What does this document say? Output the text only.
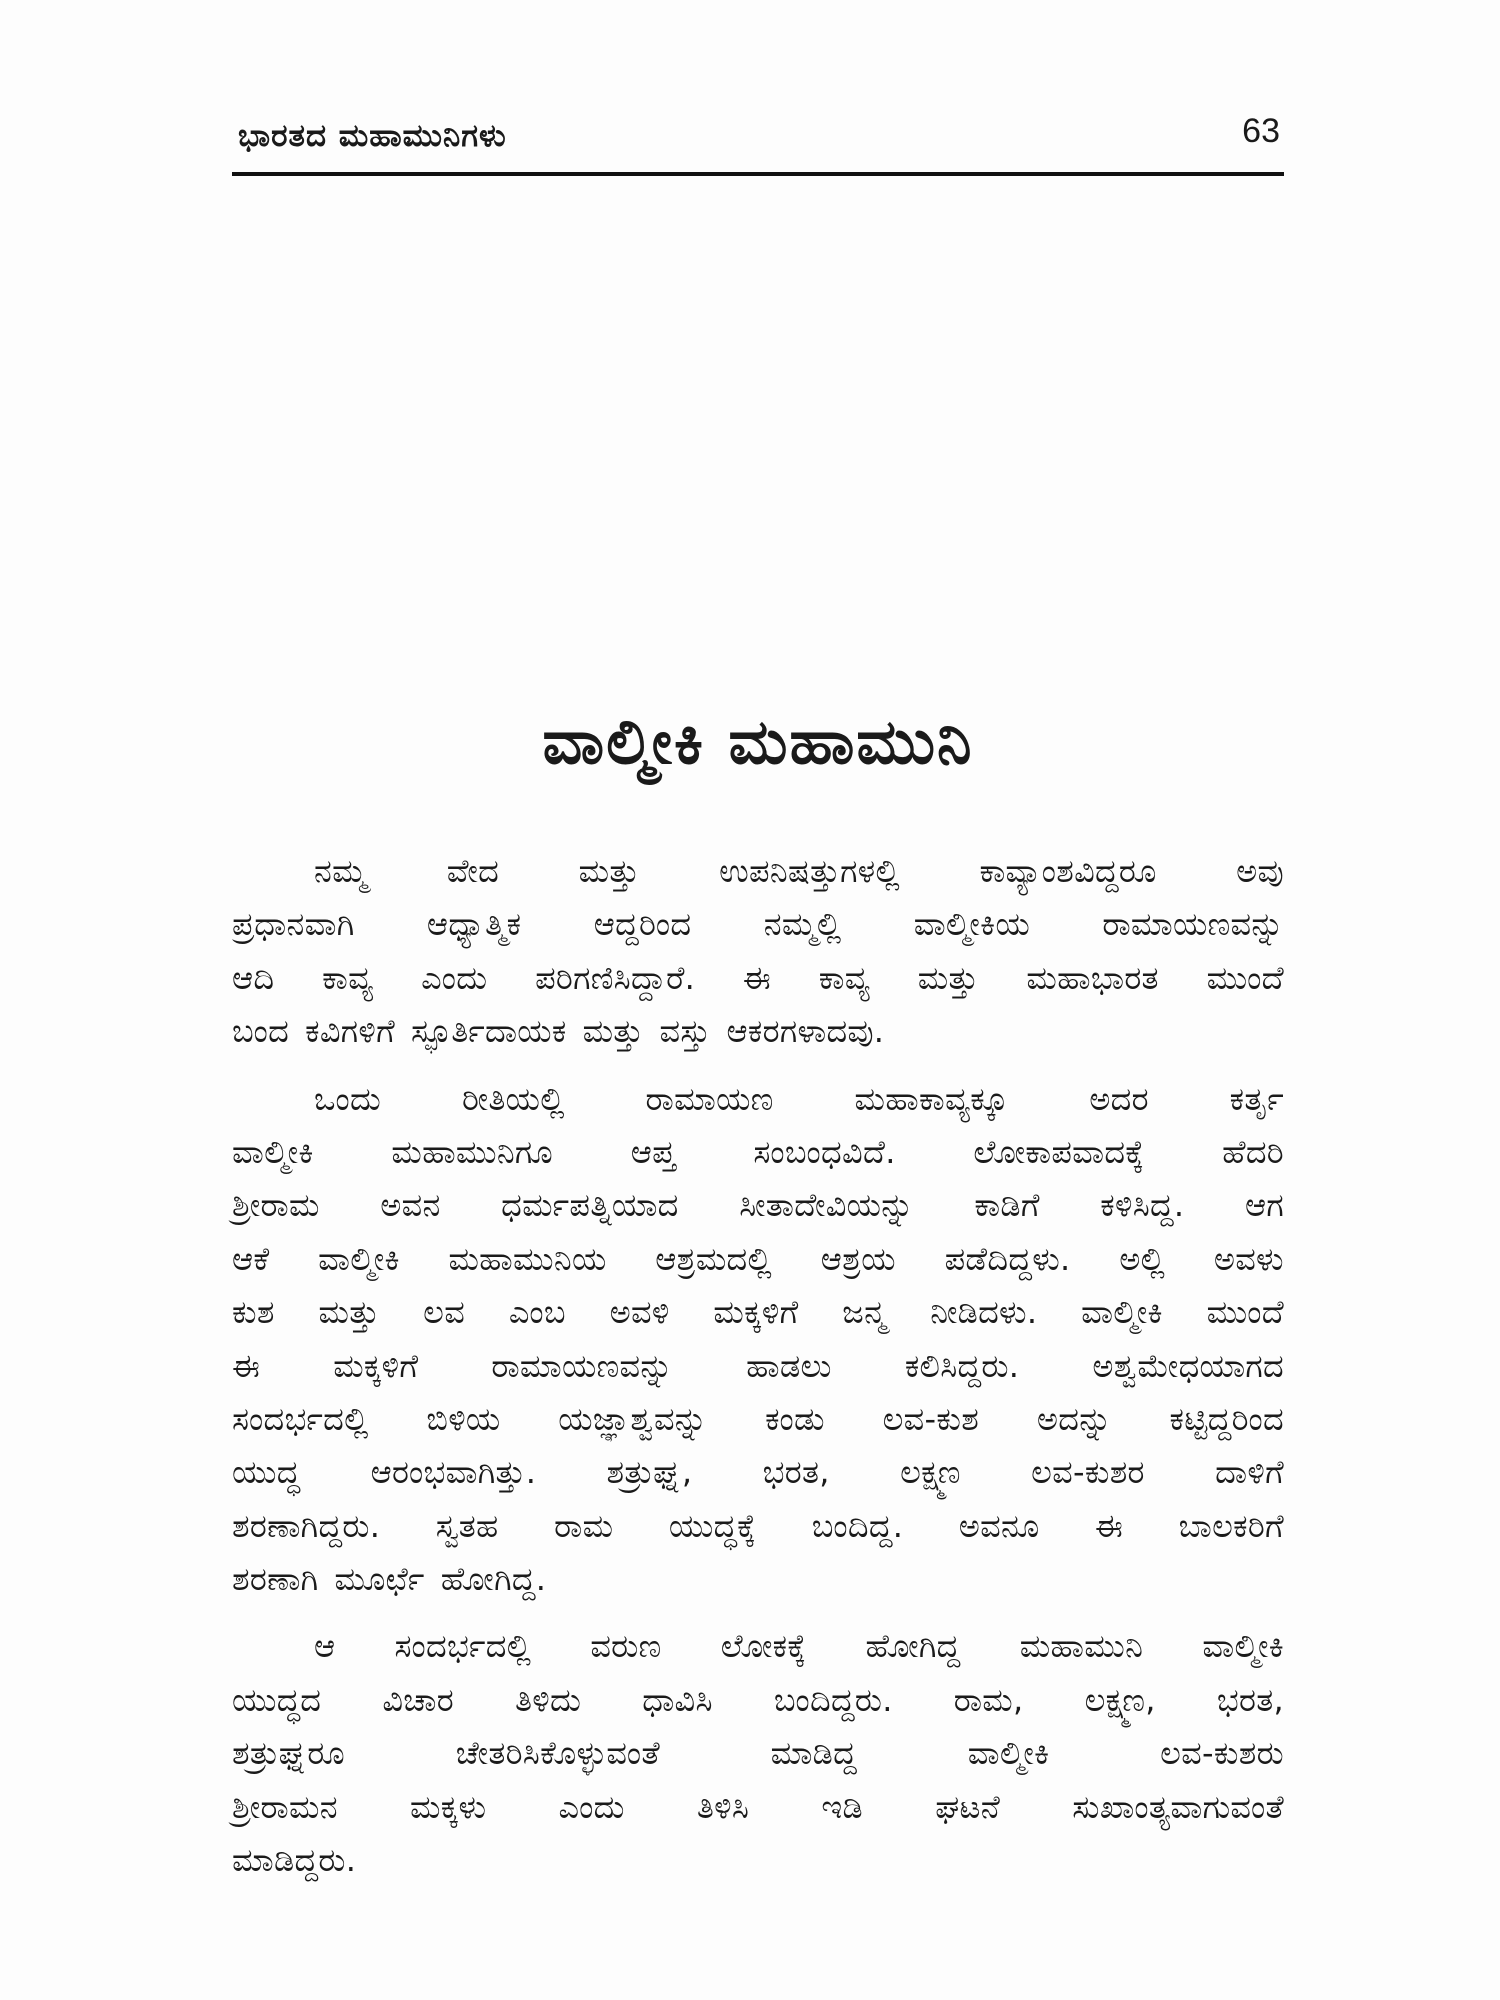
ಭಾರತದ ಮಹಾಮುನಿಗಳು	63
ವಾಲ್ಮೀಕಿ ಮಹಾಮುನಿ
ನಮ್ಮ ವೇದ ಮತ್ತು ಉಪನಿಷತ್ತುಗಳಲ್ಲಿ ಕಾವ್ಯಾಂಶವಿದ್ದರೂ ಅವು
ಪ್ರಧಾನವಾಗಿ ಆಧ್ಯಾತ್ಮಿಕ ಆದ್ದರಿಂದ ನಮ್ಮಲ್ಲಿ ವಾಲ್ಮೀಕಿಯ ರಾಮಾಯಣವನ್ನು
ಆದಿ ಕಾವ್ಯ ಎಂದು ಪರಿಗಣಿಸಿದ್ದಾರೆ. ಈ ಕಾವ್ಯ ಮತ್ತು ಮಹಾಭಾರತ ಮುಂದೆ
ಬಂದ ಕವಿಗಳಿಗೆ ಸ್ಫೂರ್ತಿದಾಯಕ ಮತ್ತು ವಸ್ತು ಆಕರಗಳಾದವು.
ಒಂದು	ರೀತಿಯಲ್ಲಿ	ರಾಮಾಯಣ	ಮಹಾಕಾವ್ಯಕ್ಕೂ	ಅದರ	ಕರ್ತೃ
ವಾಲ್ಮೀಕಿ ಮಹಾಮುನಿಗೂ ಆಪ್ತ ಸಂಬಂಧವಿದೆ. ಲೋಕಾಪವಾದಕ್ಕೆ ಹೆದರಿ
ಶ್ರೀರಾಮ ಅವನ ಧರ್ಮಪತ್ನಿಯಾದ ಸೀತಾದೇವಿಯನ್ನು ಕಾಡಿಗೆ ಕಳಿಸಿದ್ದ. ಆಗ
ಆಕೆ ವಾಲ್ಮೀಕಿ ಮಹಾಮುನಿಯ ಆಶ್ರಮದಲ್ಲಿ ಆಶ್ರಯ ಪಡೆದಿದ್ದಳು. ಅಲ್ಲಿ ಅವಳು
ಕುಶ ಮತ್ತು ಲವ ಎಂಬ ಅವಳಿ ಮಕ್ಕಳಿಗೆ ಜನ್ಮ ನೀಡಿದಳು. ವಾಲ್ಮೀಕಿ ಮುಂದೆ
ಈ ಮಕ್ಕಳಿಗೆ ರಾಮಾಯಣವನ್ನು ಹಾಡಲು ಕಲಿಸಿದ್ದರು. ಅಶ್ವಮೇಧಯಾಗದ
ಸಂದರ್ಭದಲ್ಲಿ ಬಿಳಿಯ ಯಜ್ಞಾಶ್ವವನ್ನು ಕಂಡು ಲವ-ಕುಶ ಅದನ್ನು ಕಟ್ಟಿದ್ದರಿಂದ
ಯುದ್ಧ ಆರಂಭವಾಗಿತ್ತು. ಶತ್ರುಘ್ನ, ಭರತ, ಲಕ್ಷ್ಮಣ ಲವ-ಕುಶರ ದಾಳಿಗೆ
ಶರಣಾಗಿದ್ದರು. ಸ್ವತಹ ರಾಮ ಯುದ್ಧಕ್ಕೆ ಬಂದಿದ್ದ. ಅವನೂ ಈ ಬಾಲಕರಿಗೆ
ಶರಣಾಗಿ ಮೂರ್ಛೆ ಹೋಗಿದ್ದ.
ಆ ಸಂದರ್ಭದಲ್ಲಿ ವರುಣ ಲೋಕಕ್ಕೆ ಹೋಗಿದ್ದ ಮಹಾಮುನಿ ವಾಲ್ಮೀಕಿ
ಯುದ್ಧದ ವಿಚಾರ ತಿಳಿದು ಧಾವಿಸಿ ಬಂದಿದ್ದರು. ರಾಮ, ಲಕ್ಷ್ಮಣ, ಭರತ,
ಶತ್ರುಘ್ನರೂ	ಚೇತರಿಸಿಕೊಳ್ಳುವಂತೆ	ಮಾಡಿದ್ದ	ವಾಲ್ಮೀಕಿ	ಲವ-ಕುಶರು
ಶ್ರೀರಾಮನ ಮಕ್ಕಳು ಎಂದು ತಿಳಿಸಿ ಇಡಿ ಘಟನೆ ಸುಖಾಂತ್ಯವಾಗುವಂತೆ
ಮಾಡಿದ್ದರು.
